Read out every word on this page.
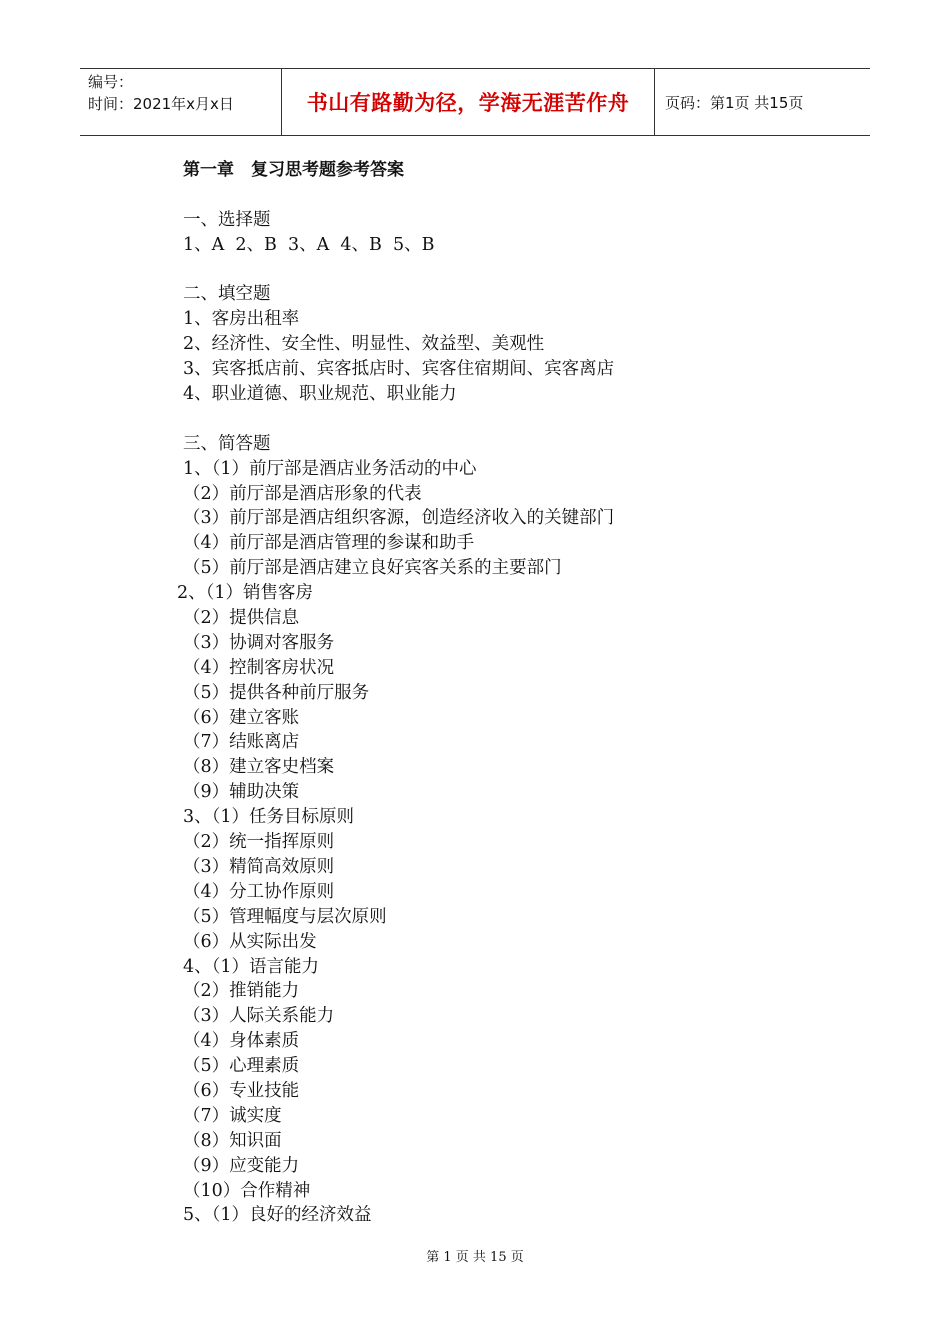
编号：
时间：2021年x月x日	书山有路勤为径，学海无涯苦作舟 页码：第1页 共15页
第一章　复习思考题参考答案
一、选择题
1、A  2、B  3、A  4、B  5、B
二、填空题
1、客房出租率
2、经济性、安全性、明显性、效益型、美观性
3、宾客抵店前、宾客抵店时、宾客住宿期间、宾客离店
4、职业道德、职业规范、职业能力
三、简答题
1、（1）前厅部是酒店业务活动的中心
（2）前厅部是酒店形象的代表
（3）前厅部是酒店组织客源，创造经济收入的关键部门
（4）前厅部是酒店管理的参谋和助手
（5）前厅部是酒店建立良好宾客关系的主要部门
2、（1）销售客房
（2）提供信息
（3）协调对客服务
（4）控制客房状况
（5）提供各种前厅服务
（6）建立客账
（7）结账离店
（8）建立客史档案
（9）辅助决策
3、（1）任务目标原则
（2）统一指挥原则
（3）精简高效原则
（4）分工协作原则
（5）管理幅度与层次原则
（6）从实际出发
4、（1）语言能力
（2）推销能力
（3）人际关系能力
（4）身体素质
（5）心理素质
（6）专业技能
（7）诚实度
（8）知识面
（9）应变能力
（10）合作精神
5、（1）良好的经济效益
第 1 页 共 15 页
